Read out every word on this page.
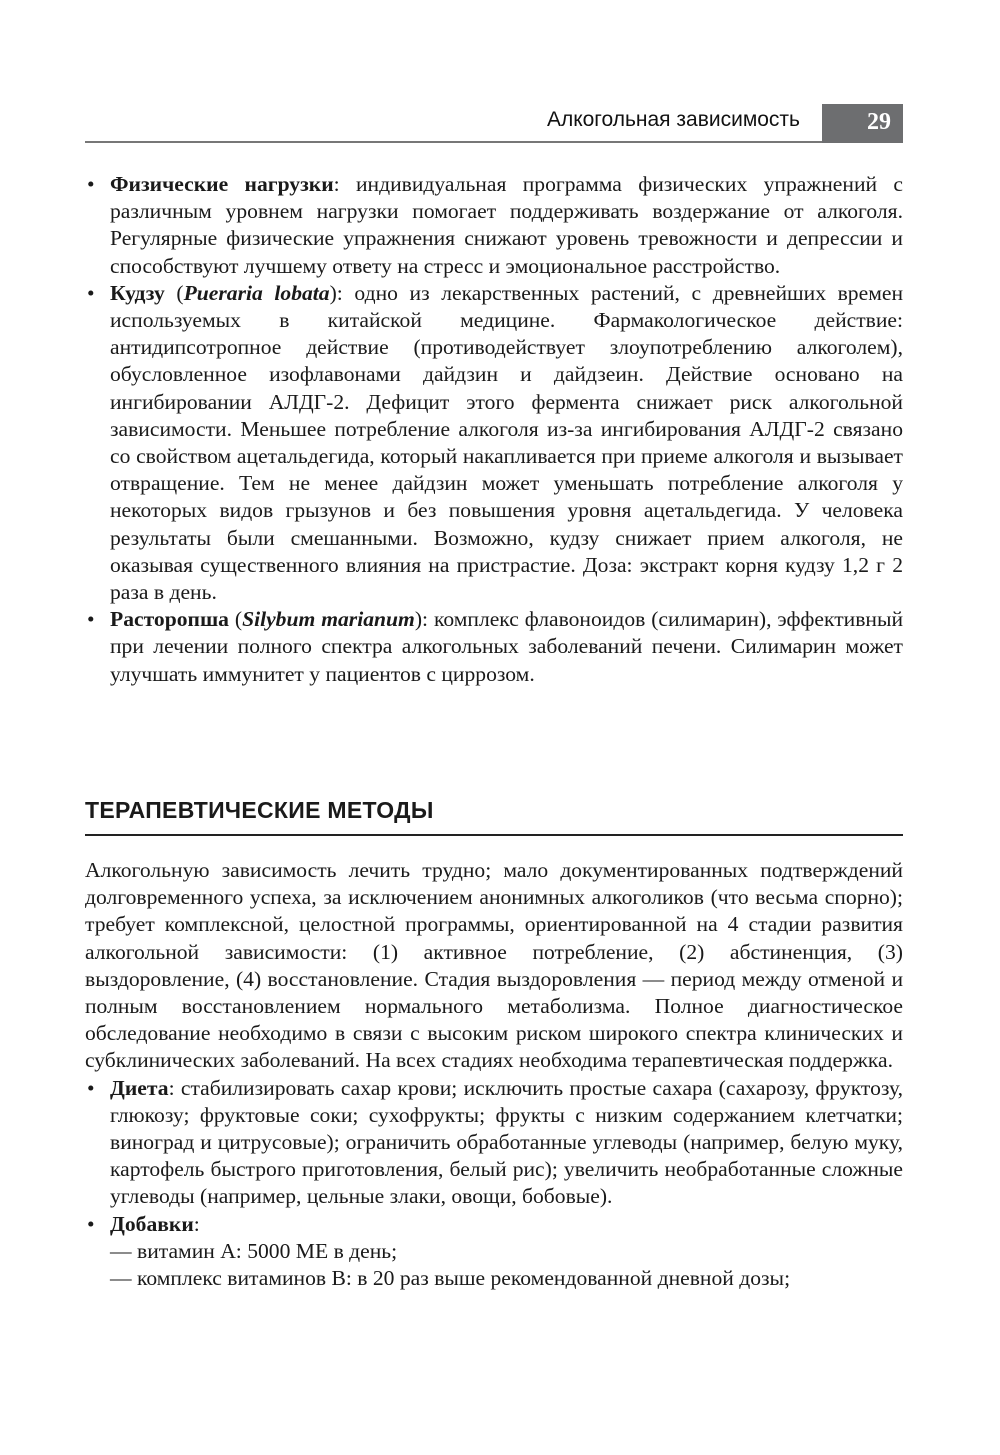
Алкогольная зависимость	29
• Физические нагрузки: индивидуальная программа физических упражнений с различным уровнем нагрузки помогает поддерживать воздержание от алкоголя. Регулярные физические упражнения снижают уровень тревожности и депрессии и способствуют лучшему ответу на стресс и эмоциональное расстройство.
• Кудзу (Pueraria lobata): одно из лекарственных растений, с древнейших времен используемых в китайской медицине. Фармакологическое действие: антидипсотропное действие (противодействует злоупотреблению алкоголем), обусловленное изофлавонами дайдзин и дайдзеин. Действие основано на ингибировании АЛДГ-2. Дефицит этого фермента снижает риск алкогольной зависимости. Меньшее потребление алкоголя из-за ингибирования АЛДГ-2 связано со свойством ацетальдегида, который накапливается при приеме алкоголя и вызывает отвращение. Тем не менее дайдзин может уменьшать потребление алкоголя у некоторых видов грызунов и без повышения уровня ацетальдегида. У человека результаты были смешанными. Возможно, кудзу снижает прием алкоголя, не оказывая существенного влияния на пристрастие. Доза: экстракт корня кудзу 1,2 г 2 раза в день.
• Расторопша (Silybum marianum): комплекс флавоноидов (силимарин), эффективный при лечении полного спектра алкогольных заболеваний печени. Силимарин может улучшать иммунитет у пациентов с циррозом.
ТЕРАПЕВТИЧЕСКИЕ МЕТОДЫ
Алкогольную зависимость лечить трудно; мало документированных подтверждений долговременного успеха, за исключением анонимных алкоголиков (что весьма спорно); требует комплексной, целостной программы, ориентированной на 4 стадии развития алкогольной зависимости: (1) активное потребление, (2) абстиненция, (3) выздоровление, (4) восстановление. Стадия выздоровления — период между отменой и полным восстановлением нормального метаболизма. Полное диагностическое обследование необходимо в связи с высоким риском широкого спектра клинических и субклинических заболеваний. На всех стадиях необходима терапевтическая поддержка.
• Диета: стабилизировать сахар крови; исключить простые сахара (сахарозу, фруктозу, глюкозу; фруктовые соки; сухофрукты; фрукты с низким содержанием клетчатки; виноград и цитрусовые); ограничить обработанные углеводы (например, белую муку, картофель быстрого приготовления, белый рис); увеличить необработанные сложные углеводы (например, цельные злаки, овощи, бобовые).
• Добавки:
— витамин А: 5000 МЕ в день;
— комплекс витаминов В: в 20 раз выше рекомендованной дневной дозы;
